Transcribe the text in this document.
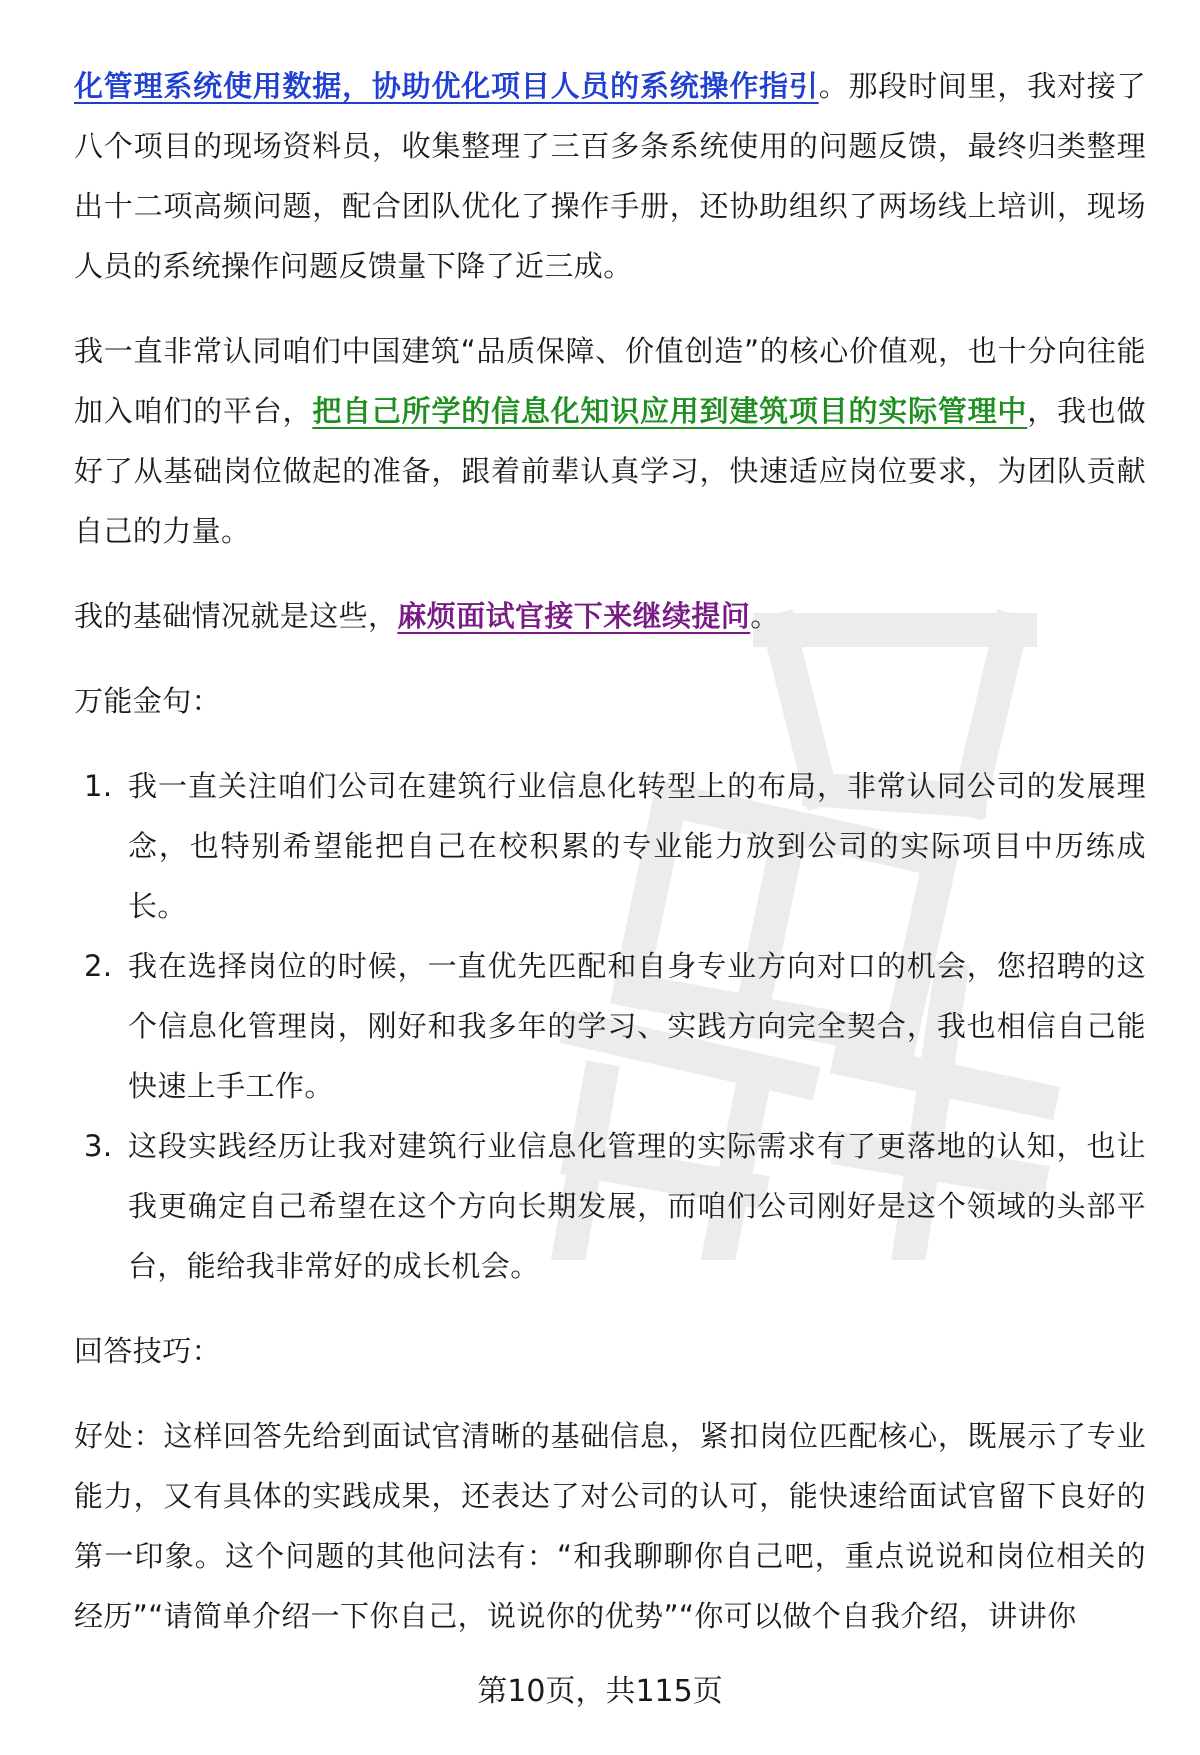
化管理系统使用数据，协助优化项目人员的系统操作指引。那段时间里，我对接了八个项目的现场资料员，收集整理了三百多条系统使用的问题反馈，最终归类整理出十二项高频问题，配合团队优化了操作手册，还协助组织了两场线上培训，现场人员的系统操作问题反馈量下降了近三成。

我一直非常认同咱们中国建筑“品质保障、价值创造”的核心价值观，也十分向往能加入咱们的平台，把自己所学的信息化知识应用到建筑项目的实际管理中，我也做好了从基础岗位做起的准备，跟着前辈认真学习，快速适应岗位要求，为团队贡献自己的力量。

我的基础情况就是这些，麻烦面试官接下来继续提问。

万能金句：

1. 我一直关注咱们公司在建筑行业信息化转型上的布局，非常认同公司的发展理念，也特别希望能把自己在校积累的专业能力放到公司的实际项目中历练成长。
2. 我在选择岗位的时候，一直优先匹配和自身专业方向对口的机会，您招聘的这个信息化管理岗，刚好和我多年的学习、实践方向完全契合，我也相信自己能快速上手工作。
3. 这段实践经历让我对建筑行业信息化管理的实际需求有了更落地的认知，也让我更确定自己希望在这个方向长期发展，而咱们公司刚好是这个领域的头部平台，能给我非常好的成长机会。

回答技巧：

好处：这样回答先给到面试官清晰的基础信息，紧扣岗位匹配核心，既展示了专业能力，又有具体的实践成果，还表达了对公司的认可，能快速给面试官留下良好的第一印象。这个问题的其他问法有：“和我聊聊你自己吧，重点说说和岗位相关的经历”“请简单介绍一下你自己，说说你的优势”“你可以做个自我介绍，讲讲你

第10页，共115页
